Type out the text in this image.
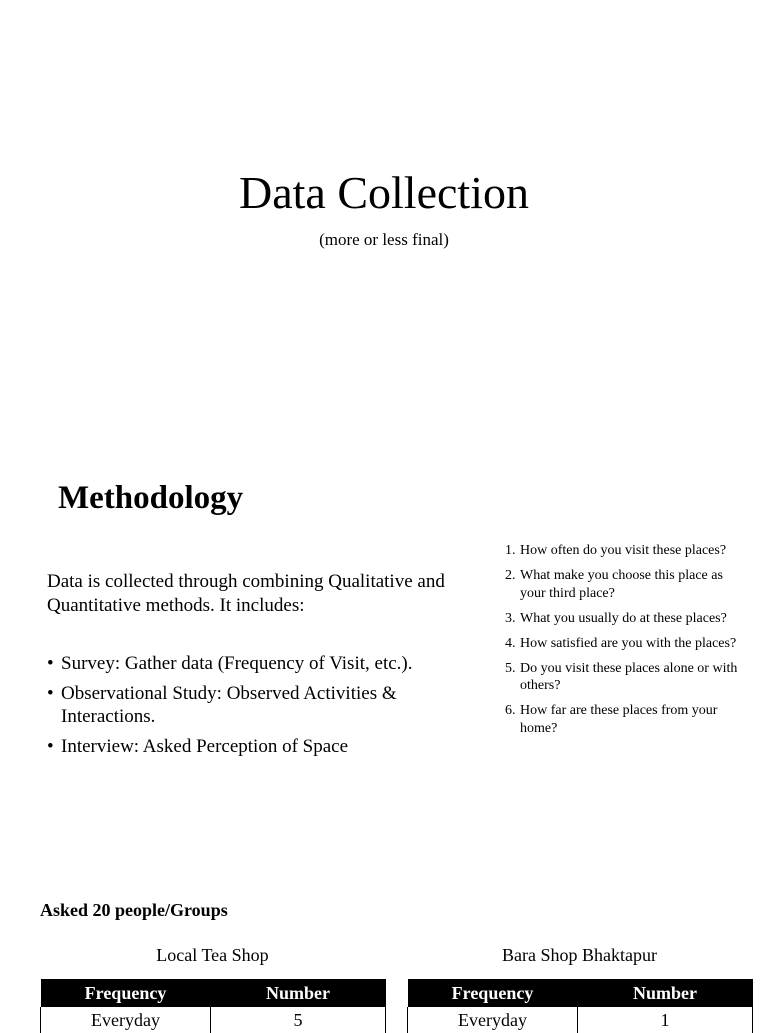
Data Collection
(more or less final)
Methodology
Data is collected through combining Qualitative and Quantitative methods. It includes:
• Survey: Gather data (Frequency of Visit, etc.).
• Observational Study: Observed Activities & Interactions.
• Interview: Asked Perception of Space
1. How often do you visit these places?
2. What make you choose this place as your third place?
3. What you usually do at these places?
4. How satisfied are you with the places?
5. Do you visit these places alone or with others?
6. How far are these places from your home?
Asked 20 people/Groups
Local Tea Shop
Frequency	Number
Everyday	5
Bara Shop Bhaktapur
Frequency	Number
Everyday	1
